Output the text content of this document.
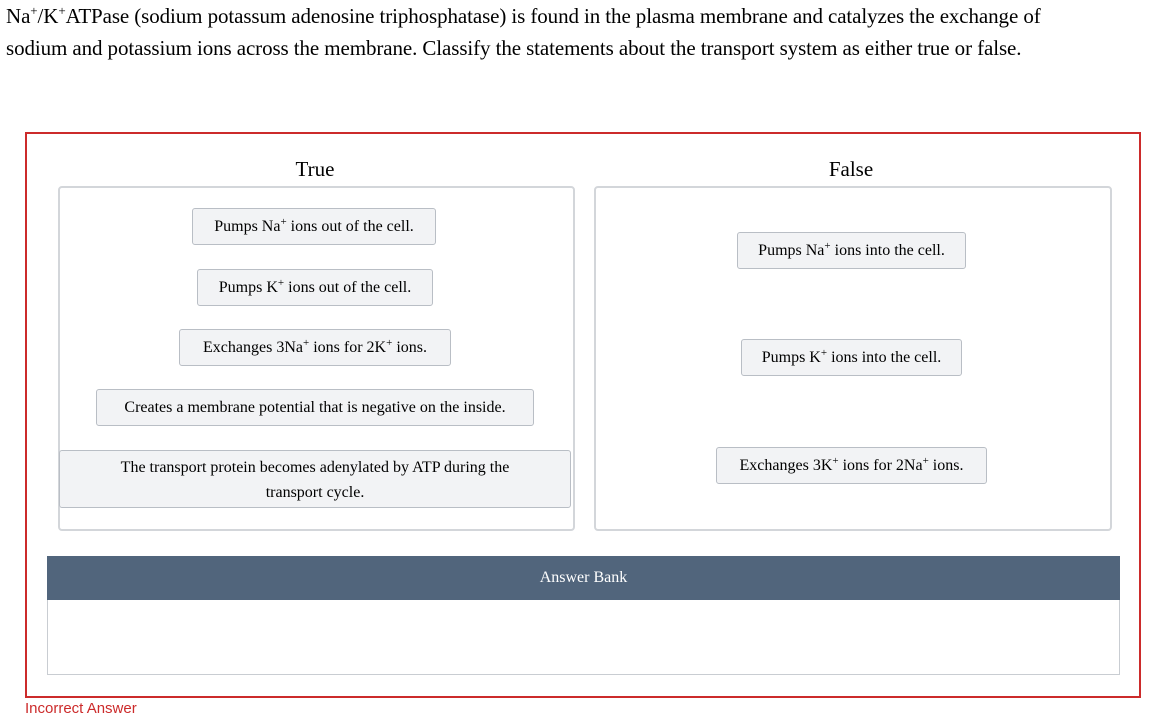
Na+/K+ATPase (sodium potassum adenosine triphosphatase) is found in the plasma membrane and catalyzes the exchange of
sodium and potassium ions across the membrane. Classify the statements about the transport system as either true or false.
True	False
Pumps Na+ ions out of the cell.
Pumps K+ ions out of the cell.
Exchanges 3Na+ ions for 2K+ ions.
Creates a membrane potential that is negative on the inside.
The transport protein becomes adenylated by ATP during the transport cycle.
Pumps Na+ ions into the cell.
Pumps K+ ions into the cell.
Exchanges 3K+ ions for 2Na+ ions.
Answer Bank
Incorrect Answer
